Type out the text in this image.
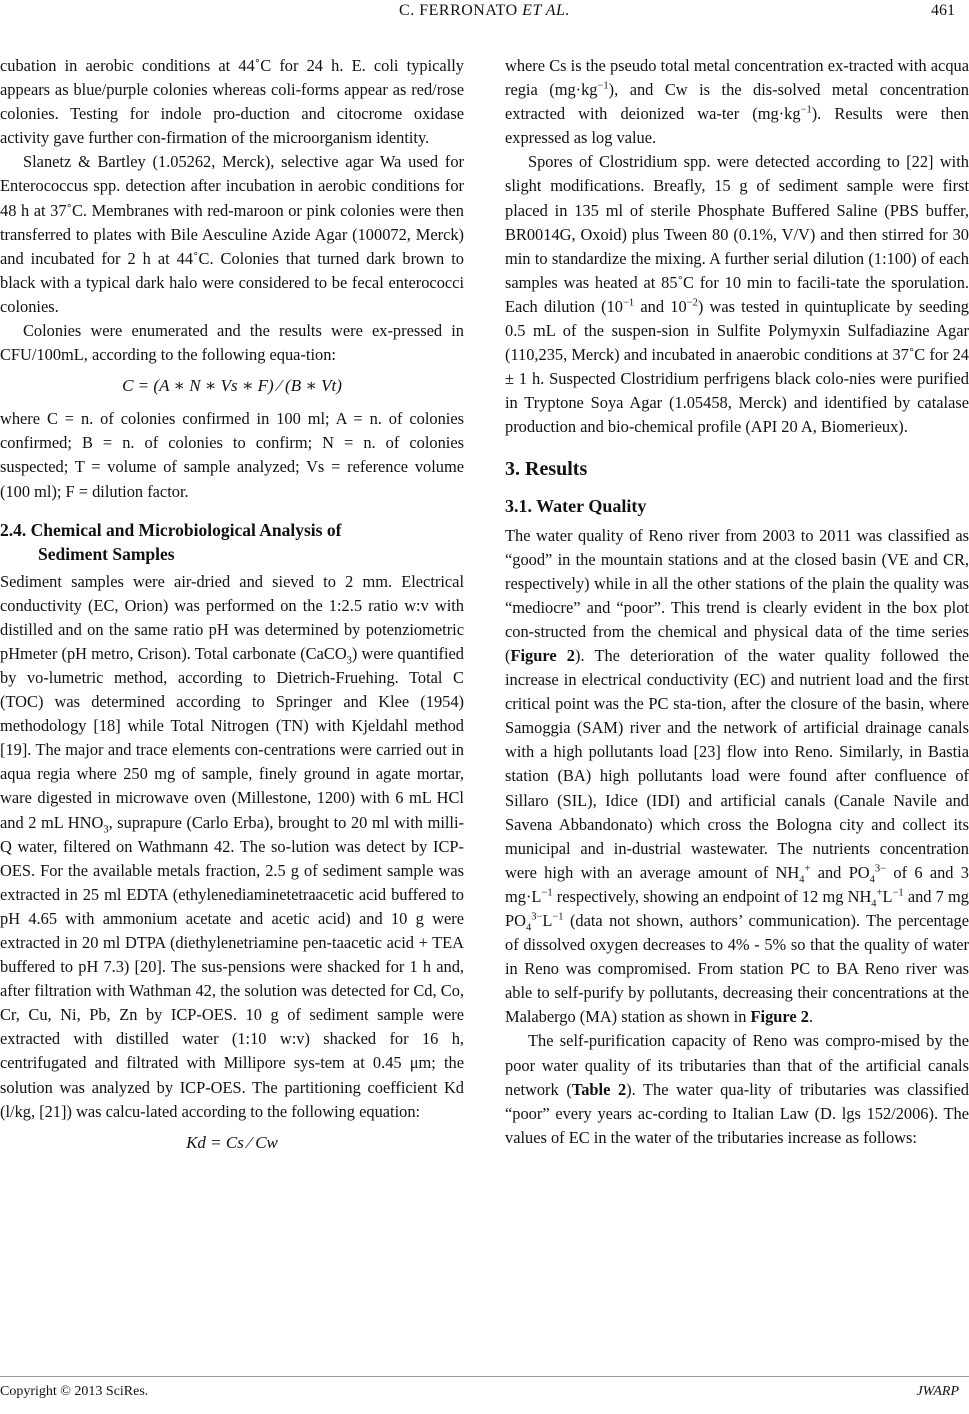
C. FERRONATO ET AL.	461

cubation in aerobic conditions at 44˚C for 24 h. E. coli typically appears as blue/purple colonies whereas coli-forms appear as red/rose colonies. Testing for indole pro-duction and citocrome oxidase activity gave further con-firmation of the microorganism identity.

Slanetz & Bartley (1.05262, Merck), selective agar Wa used for Enterococcus spp. detection after incubation in aerobic conditions for 48 h at 37˚C. Membranes with red-maroon or pink colonies were then transferred to plates with Bile Aesculine Azide Agar (100072, Merck) and incubated for 2 h at 44˚C. Colonies that turned dark brown to black with a typical dark halo were considered to be fecal enterococci colonies.

Colonies were enumerated and the results were ex-pressed in CFU/100mL, according to the following equa-tion:

C = (A ∗ N ∗ Vs ∗ F) ⁄ (B ∗ Vt)

where C = n. of colonies confirmed in 100 ml; A = n. of colonies confirmed; B = n. of colonies to confirm; N = n. of colonies suspected; T = volume of sample analyzed; Vs = reference volume (100 ml); F = dilution factor.

2.4. Chemical and Microbiological Analysis of
Sediment Samples

Sediment samples were air-dried and sieved to 2 mm. Electrical conductivity (EC, Orion) was performed on the 1:2.5 ratio w:v with distilled and on the same ratio pH was determined by potenziometric pHmeter (pH metro, Crison). Total carbonate (CaCO$_3$) were quantified by vo-lumetric method, according to Dietrich-Fruehing. Total C (TOC) was determined according to Springer and Klee (1954) methodology [18] while Total Nitrogen (TN) with Kjeldahl method [19]. The major and trace elements con-centrations were carried out in aqua regia where 250 mg of sample, finely ground in agate mortar, ware digested in microwave oven (Millestone, 1200) with 6 mL HCl and 2 mL $HNO_3$, suprapure (Carlo Erba), brought to 20 ml with milli-Q water, filtered on Wathmann 42. The so-lution was detect by ICP-OES. For the available metals fraction, 2.5 g of sediment sample was extracted in 25 ml EDTA (ethylenediaminetetraacetic acid buffered to pH 4.65 with ammonium acetate and acetic acid) and 10 g were extracted in 20 ml DTPA (diethylenetriamine pen-taacetic acid + TEA buffered to pH 7.3) [20]. The sus-pensions were shacked for 1 h and, after filtration with Wathman 42, the solution was detected for Cd, Co, Cr, Cu, Ni, Pb, Zn by ICP-OES. 10 g of sediment sample were extracted with distilled water (1:10 w:v) shacked for 16 h, centrifugated and filtrated with Millipore sys-tem at 0.45 μm; the solution was analyzed by ICP-OES. The partitioning coefficient Kd (l/kg, [21]) was calcu-lated according to the following equation:

Kd = Cs ⁄ Cw

where Cs is the pseudo total metal concentration ex-tracted with acqua regia $(mg\cdot kg^{-1})$, and Cw is the dis-solved metal concentration extracted with deionized wa-ter $(mg\cdot kg^{-1})$. Results were then expressed as log value.

Spores of Clostridium spp. were detected according to [22] with slight modifications. Breafly, 15 g of sediment sample were first placed in 135 ml of sterile Phosphate Buffered Saline (PBS buffer, BR0014G, Oxoid) plus Tween 80 (0.1%, V/V) and then stirred for 30 min to standardize the mixing. A further serial dilution (1:100) of each samples was heated at 85˚C for 10 min to facili-tate the sporulation. Each dilution ($10^{-1}$ and $10^{-2}$) was tested in quintuplicate by seeding 0.5 mL of the suspen-sion in Sulfite Polymyxin Sulfadiazine Agar (110,235, Merck) and incubated in anaerobic conditions at 37˚C for 24 ± 1 h. Suspected Clostridium perfrigens black colo-nies were purified in Tryptone Soya Agar (1.05458, Merck) and identified by catalase production and bio-chemical profile (API 20 A, Biomerieux).

3. Results
3.1. Water Quality

The water quality of Reno river from 2003 to 2011 was classified as “good” in the mountain stations and at the closed basin (VE and CR, respectively) while in all the other stations of the plain the quality was “mediocre” and “poor”. This trend is clearly evident in the box plot con-structed from the chemical and physical data of the time series (Figure 2). The deterioration of the water quality followed the increase in electrical conductivity (EC) and nutrient load and the first critical point was the PC sta-tion, after the closure of the basin, where Samoggia (SAM) river and the network of artificial drainage canals with a high pollutants load [23] flow into Reno. Similarly, in Bastia station (BA) high pollutants load were found after confluence of Sillaro (SIL), Idice (IDI) and artificial canals (Canale Navile and Savena Abbandonato) which cross the Bologna city and collect its municipal and in-dustrial wastewater. The nutrients concentration were high with an average amount of $NH_4^+$ and $PO_4^{3-}$ of 6 and 3 $mg\cdot L^{-1}$ respectively, showing an endpoint of 12 mg $NH_4^+L^{-1}$ and 7 mg $PO_4^{3-}L^{-1}$ (data not shown, authors’ communication). The percentage of dissolved oxygen decreases to 4% - 5% so that the quality of water in Reno was compromised. From station PC to BA Reno river was able to self-purify by pollutants, decreasing their concentrations at the Malabergo (MA) station as shown in Figure 2.

The self-purification capacity of Reno was compro-mised by the poor water quality of its tributaries than that of the artificial canals network (Table 2). The water qua-lity of tributaries was classified “poor” every years ac-cording to Italian Law (D. lgs 152/2006). The values of EC in the water of the tributaries increase as follows:

Copyright © 2013 SciRes.	JWARP
